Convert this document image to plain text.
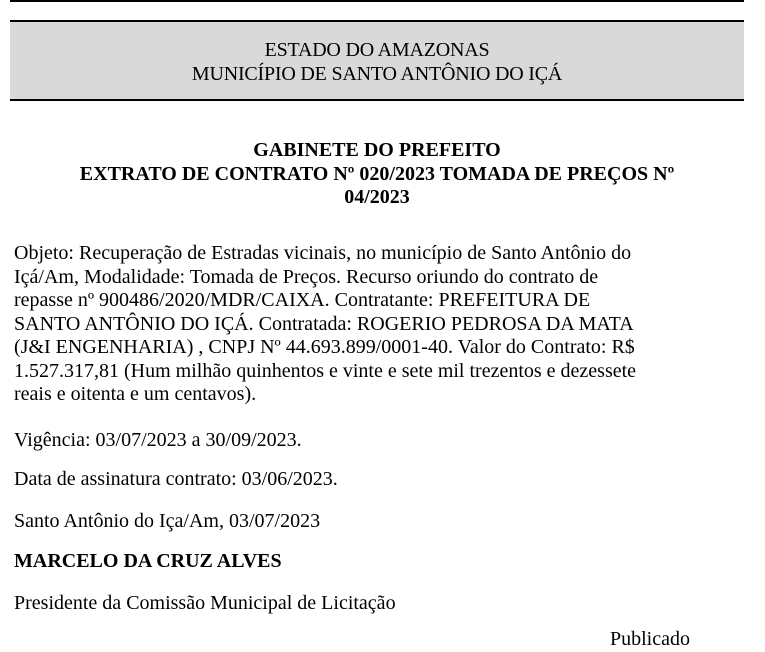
ESTADO DO AMAZONAS
MUNICÍPIO DE SANTO ANTÔNIO DO IÇÁ
GABINETE DO PREFEITO
EXTRATO DE CONTRATO Nº 020/2023 TOMADA DE PREÇOS Nº
04/2023
Objeto: Recuperação de Estradas vicinais, no município de Santo Antônio do
Içá/Am, Modalidade: Tomada de Preços. Recurso oriundo do contrato de
repasse nº 900486/2020/MDR/CAIXA. Contratante: PREFEITURA DE
SANTO ANTÔNIO DO IÇÁ. Contratada: ROGERIO PEDROSA DA MATA
(J&I ENGENHARIA) , CNPJ Nº 44.693.899/0001-40. Valor do Contrato: R$
1.527.317,81 (Hum milhão quinhentos e vinte e sete mil trezentos e dezessete
reais e oitenta e um centavos).
Vigência: 03/07/2023 a 30/09/2023.
Data de assinatura contrato: 03/06/2023.
Santo Antônio do Iça/Am, 03/07/2023
MARCELO DA CRUZ ALVES
Presidente da Comissão Municipal de Licitação
Publicado
